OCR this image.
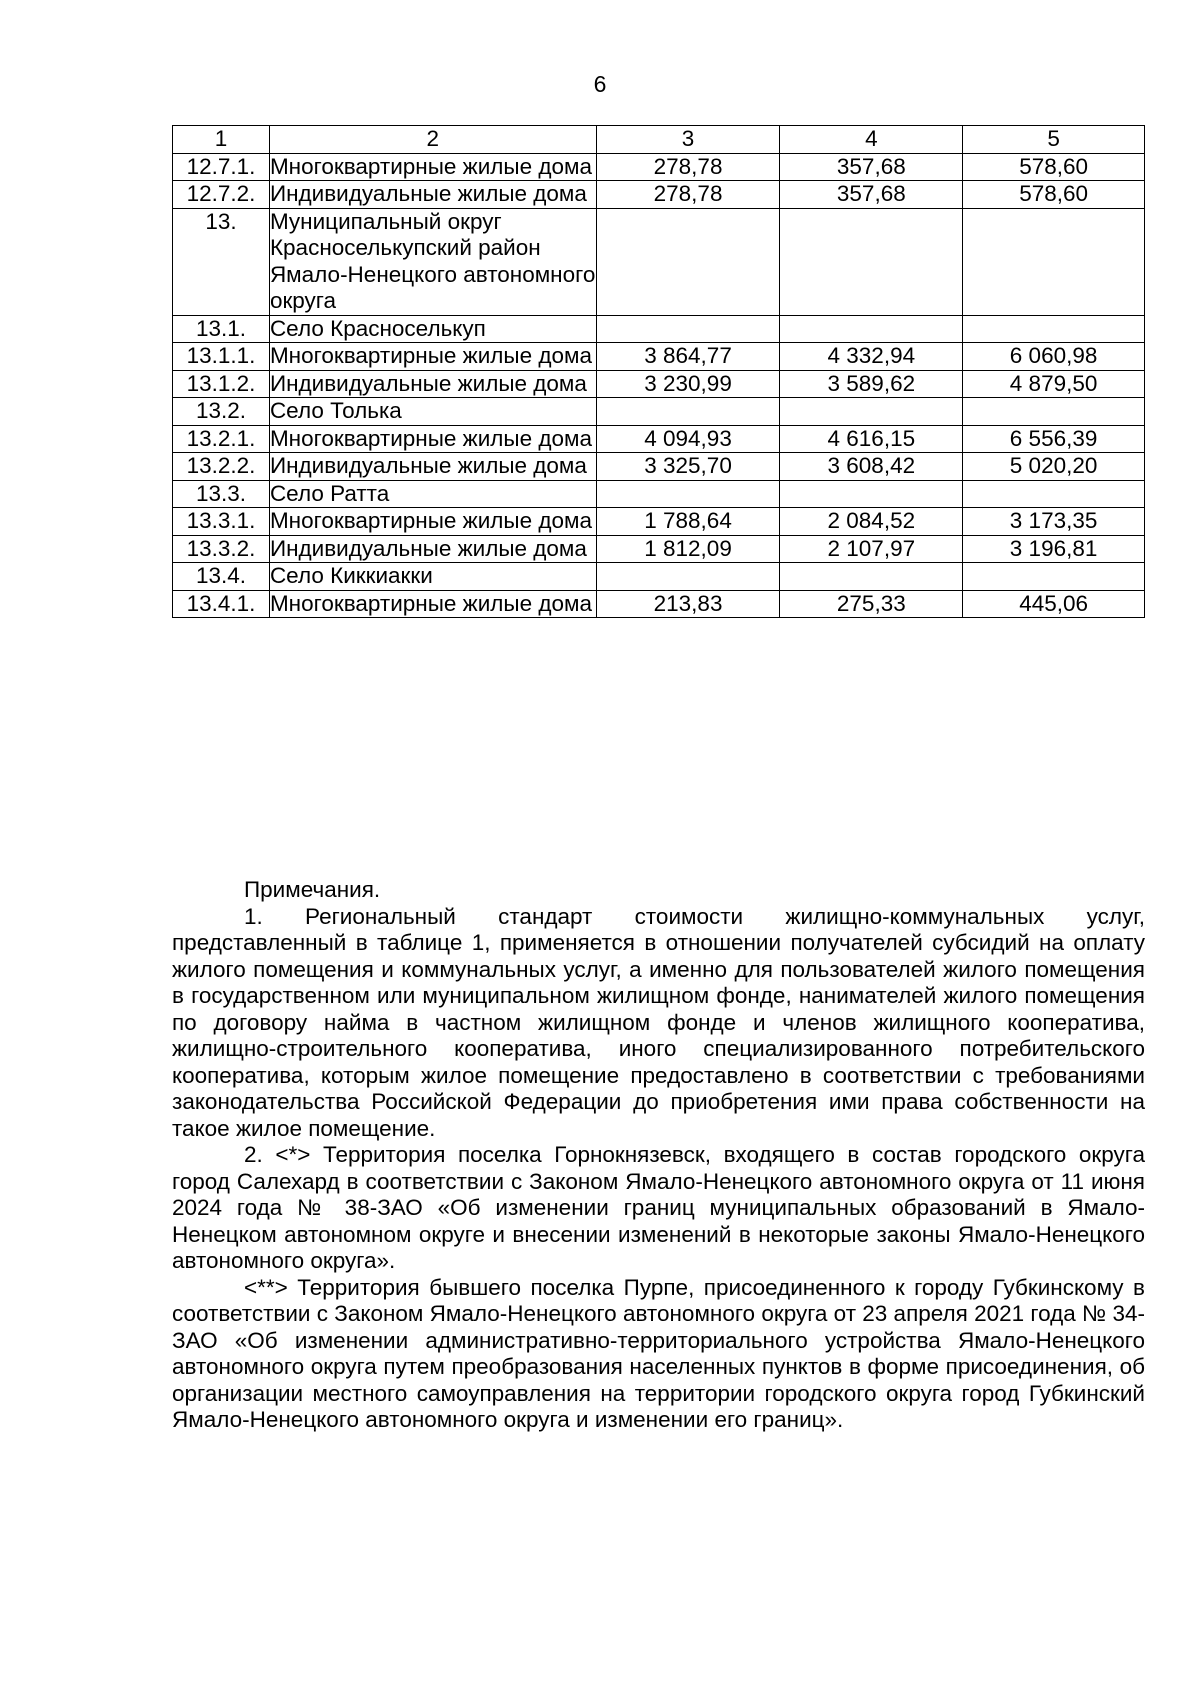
6
1	2	3	4	5
12.7.1.	Многоквартирные жилые дома	278,78	357,68	578,60
12.7.2.	Индивидуальные жилые дома	278,78	357,68	578,60
13.	Муниципальный округ Красноселькупский район Ямало-Ненецкого автономного округа			
13.1.	Село Красноселькуп			
13.1.1.	Многоквартирные жилые дома	3 864,77	4 332,94	6 060,98
13.1.2.	Индивидуальные жилые дома	3 230,99	3 589,62	4 879,50
13.2.	Село Толька			
13.2.1.	Многоквартирные жилые дома	4 094,93	4 616,15	6 556,39
13.2.2.	Индивидуальные жилые дома	3 325,70	3 608,42	5 020,20
13.3.	Село Ратта			
13.3.1.	Многоквартирные жилые дома	1 788,64	2 084,52	3 173,35
13.3.2.	Индивидуальные жилые дома	1 812,09	2 107,97	3 196,81
13.4.	Село Киккиакки			
13.4.1.	Многоквартирные жилые дома	213,83	275,33	445,06

Примечания.

1. Региональный стандарт стоимости жилищно-коммунальных услуг, представленный в таблице 1, применяется в отношении получателей субсидий на оплату жилого помещения и коммунальных услуг, а именно для пользователей жилого помещения в государственном или муниципальном жилищном фонде, нанимателей жилого помещения по договору найма в частном жилищном фонде и членов жилищного кооператива, жилищно-строительного кооператива, иного специализированного потребительского кооператива, которым жилое помещение предоставлено в соответствии с требованиями законодательства Российской Федерации до приобретения ими права собственности на такое жилое помещение.

2. <*> Территория поселка Горнокнязевск, входящего в состав городского округа город Салехард в соответствии с Законом Ямало-Ненецкого автономного округа от 11 июня 2024 года № 38-ЗАО «Об изменении границ муниципальных образований в Ямало-Ненецком автономном округе и внесении изменений в некоторые законы Ямало-Ненецкого автономного округа».

<**> Территория бывшего поселка Пурпе, присоединенного к городу Губкинскому в соответствии с Законом Ямало-Ненецкого автономного округа от 23 апреля 2021 года № 34-ЗАО «Об изменении административно-территориального устройства Ямало-Ненецкого автономного округа путем преобразования населенных пунктов в форме присоединения, об организации местного самоуправления на территории городского округа город Губкинский Ямало-Ненецкого автономного округа и изменении его границ».
